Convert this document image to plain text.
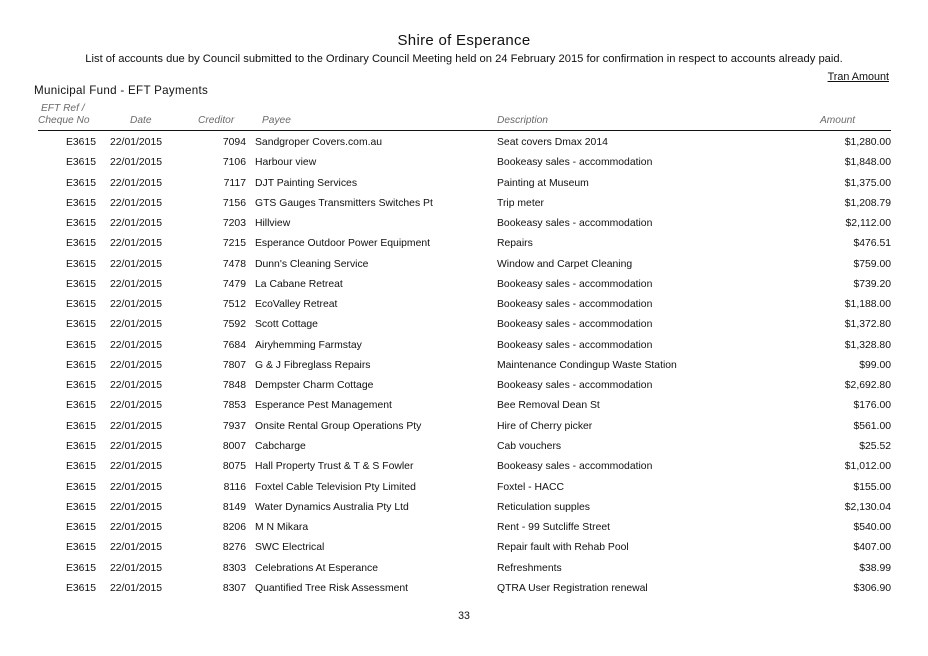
Shire of Esperance
List of accounts due by Council submitted to the Ordinary Council Meeting held on 24 February 2015 for confirmation in respect to accounts already paid.
Tran Amount
Municipal Fund - EFT Payments
EFT Ref /
Cheque No	Date	Creditor	Payee	Description	Amount
E3615 22/01/2015	7094 Sandgroper Covers.com.au	Seat covers Dmax 2014	$1,280.00
E3615 22/01/2015	7106 Harbour view	Bookeasy sales - accommodation	$1,848.00
E3615 22/01/2015	7117 DJT Painting Services	Painting at Museum	$1,375.00
E3615 22/01/2015	7156 GTS Gauges Transmitters Switches Pt	Trip meter	$1,208.79
E3615 22/01/2015	7203 Hillview	Bookeasy sales - accommodation	$2,112.00
E3615 22/01/2015	7215 Esperance Outdoor Power Equipment	Repairs	$476.51
E3615 22/01/2015	7478 Dunn's Cleaning Service	Window and Carpet Cleaning	$759.00
E3615 22/01/2015	7479 La Cabane Retreat	Bookeasy sales - accommodation	$739.20
E3615 22/01/2015	7512 EcoValley Retreat	Bookeasy sales - accommodation	$1,188.00
E3615 22/01/2015	7592 Scott Cottage	Bookeasy sales - accommodation	$1,372.80
E3615 22/01/2015	7684 Airyhemming Farmstay	Bookeasy sales - accommodation	$1,328.80
E3615 22/01/2015	7807 G & J Fibreglass Repairs	Maintenance Condingup Waste Station	$99.00
E3615 22/01/2015	7848 Dempster Charm Cottage	Bookeasy sales - accommodation	$2,692.80
E3615 22/01/2015	7853 Esperance Pest Management	Bee Removal Dean St	$176.00
E3615 22/01/2015	7937 Onsite Rental Group Operations Pty	Hire of Cherry picker	$561.00
E3615 22/01/2015	8007 Cabcharge	Cab vouchers	$25.52
E3615 22/01/2015	8075 Hall Property Trust & T & S Fowler	Bookeasy sales - accommodation	$1,012.00
E3615 22/01/2015	8116 Foxtel Cable Television Pty Limited	Foxtel - HACC	$155.00
E3615 22/01/2015	8149 Water Dynamics Australia Pty Ltd	Reticulation supples	$2,130.04
E3615 22/01/2015	8206 M N Mikara	Rent - 99 Sutcliffe Street	$540.00
E3615 22/01/2015	8276 SWC Electrical	Repair fault with Rehab Pool	$407.00
E3615 22/01/2015	8303 Celebrations At Esperance	Refreshments	$38.99
E3615 22/01/2015	8307 Quantified Tree Risk Assessment	QTRA User Registration renewal	$306.90
33
